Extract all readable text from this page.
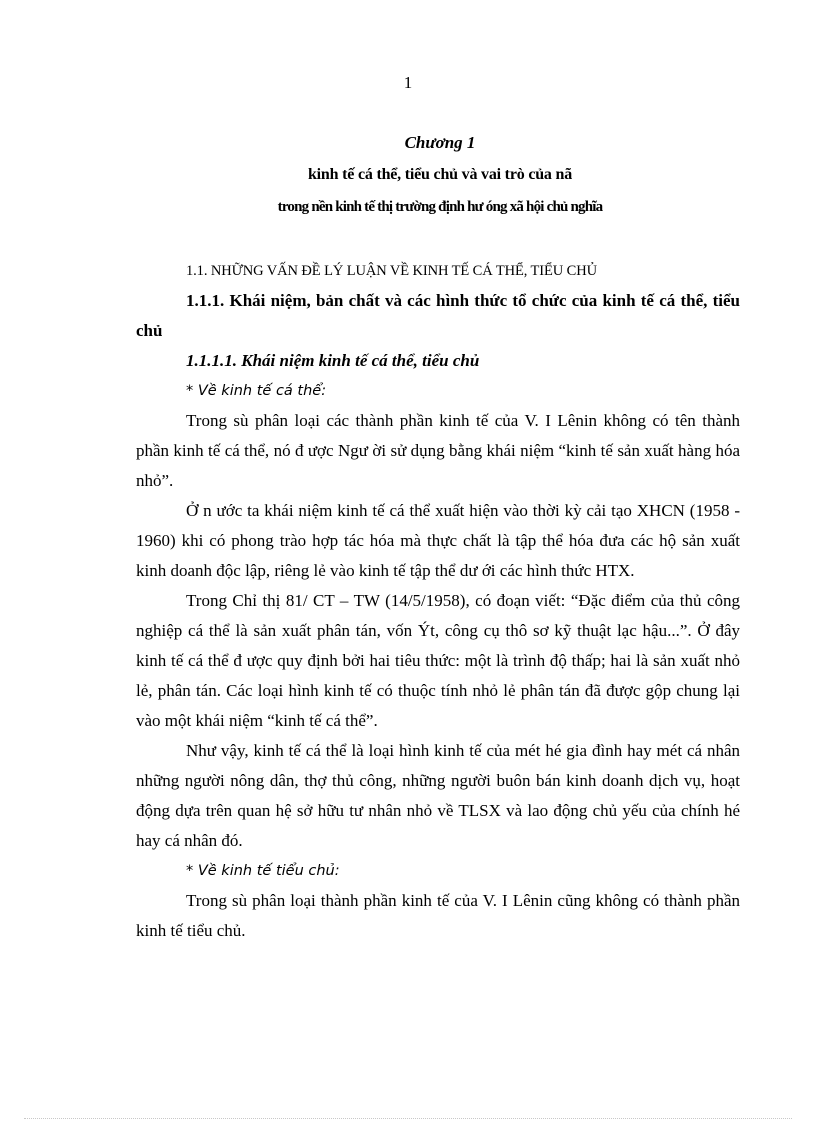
1
Chương 1
kinh tế cá thể, tiểu chủ và vai trò của nã
trong nền kinh tế thị trường định hư óng xã hội chủ nghĩa

1.1. NHỮNG VẤN ĐỀ LÝ LUẬN VỀ KINH TẾ CÁ THỂ, TIỂU CHỦ

1.1.1. Khái niệm, bản chất và các hình thức tổ chức của kinh tế cá thể, tiểu chủ

1.1.1.1. Khái niệm kinh tế cá thể, tiểu chủ

* Về kinh tế cá thể:

Trong sù phân loại các thành phần kinh tế của V. I Lênin không có tên thành phần kinh tế cá thể, nó đ ược Ngư ời sử dụng bằng khái niệm “kinh tế sản xuất hàng hóa nhỏ”.

Ở n ước ta khái niệm kinh tế cá thể xuất hiện vào thời kỳ cải tạo XHCN (1958 - 1960) khi có phong trào hợp tác hóa mà thực chất là tập thể hóa đưa các hộ sản xuất kinh doanh độc lập, riêng lẻ vào kinh tế tập thể dư ới các hình thức HTX.

Trong Chỉ thị 81/ CT – TW (14/5/1958), có đoạn viết: “Đặc điểm của thủ công nghiệp cá thể là sản xuất phân tán, vốn Ýt, công cụ thô sơ kỹ thuật lạc hậu...”. Ở đây kinh tế cá thể đ ược quy định bởi hai tiêu thức: một là trình độ thấp; hai là sản xuất nhỏ lẻ, phân tán. Các loại hình kinh tế có thuộc tính nhỏ lẻ phân tán đã được gộp chung lại vào một khái niệm “kinh tế cá thể”.

Như vậy, kinh tế cá thể là loại hình kinh tế của mét hé gia đình hay mét cá nhân những người nông dân, thợ thủ công, những người buôn bán kinh doanh dịch vụ, hoạt động dựa trên quan hệ sở hữu tư nhân nhỏ về TLSX và lao động chủ yếu của chính hé hay cá nhân đó.

* Về kinh tế tiểu chủ:

Trong sù phân loại thành phần kinh tế của V. I Lênin cũng không có thành phần kinh tế tiểu chủ.
